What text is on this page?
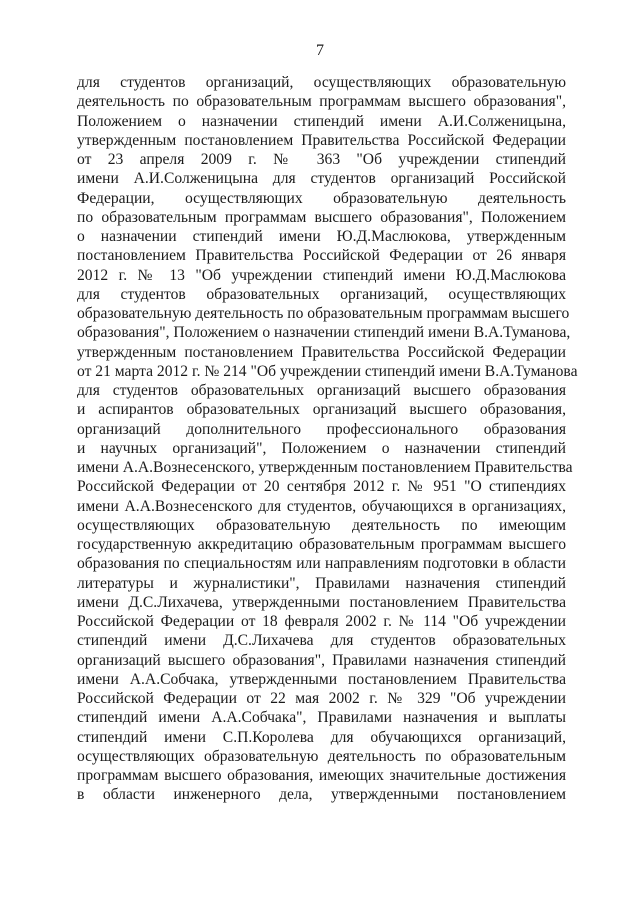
7
для студентов организаций, осуществляющих образовательную
деятельность по образовательным программам высшего образования",
Положением о назначении стипендий имени А.И.Солженицына,
утвержденным постановлением Правительства Российской Федерации
от 23 апреля 2009 г. № 363 "Об учреждении стипендий
имени А.И.Солженицына для студентов организаций Российской
Федерации, осуществляющих образовательную деятельность
по образовательным программам высшего образования", Положением
о назначении стипендий имени Ю.Д.Маслюкова, утвержденным
постановлением Правительства Российской Федерации от 26 января
2012 г. № 13 "Об учреждении стипендий имени Ю.Д.Маслюкова
для студентов образовательных организаций, осуществляющих
образовательную деятельность по образовательным программам высшего
образования", Положением о назначении стипендий имени В.А.Туманова,
утвержденным постановлением Правительства Российской Федерации
от 21 марта 2012 г. № 214 "Об учреждении стипендий имени В.А.Туманова
для студентов образовательных организаций высшего образования
и аспирантов образовательных организаций высшего образования,
организаций дополнительного профессионального образования
и научных организаций", Положением о назначении стипендий
имени А.А.Вознесенского, утвержденным постановлением Правительства
Российской Федерации от 20 сентября 2012 г. № 951 "О стипендиях
имени А.А.Вознесенского для студентов, обучающихся в организациях,
осуществляющих образовательную деятельность по имеющим
государственную аккредитацию образовательным программам высшего
образования по специальностям или направлениям подготовки в области
литературы и журналистики", Правилами назначения стипендий
имени Д.С.Лихачева, утвержденными постановлением Правительства
Российской Федерации от 18 февраля 2002 г. № 114 "Об учреждении
стипендий имени Д.С.Лихачева для студентов образовательных
организаций высшего образования", Правилами назначения стипендий
имени А.А.Собчака, утвержденными постановлением Правительства
Российской Федерации от 22 мая 2002 г. № 329 "Об учреждении
стипендий имени А.А.Собчака", Правилами назначения и выплаты
стипендий имени С.П.Королева для обучающихся организаций,
осуществляющих образовательную деятельность по образовательным
программам высшего образования, имеющих значительные достижения
в области инженерного дела, утвержденными постановлением
